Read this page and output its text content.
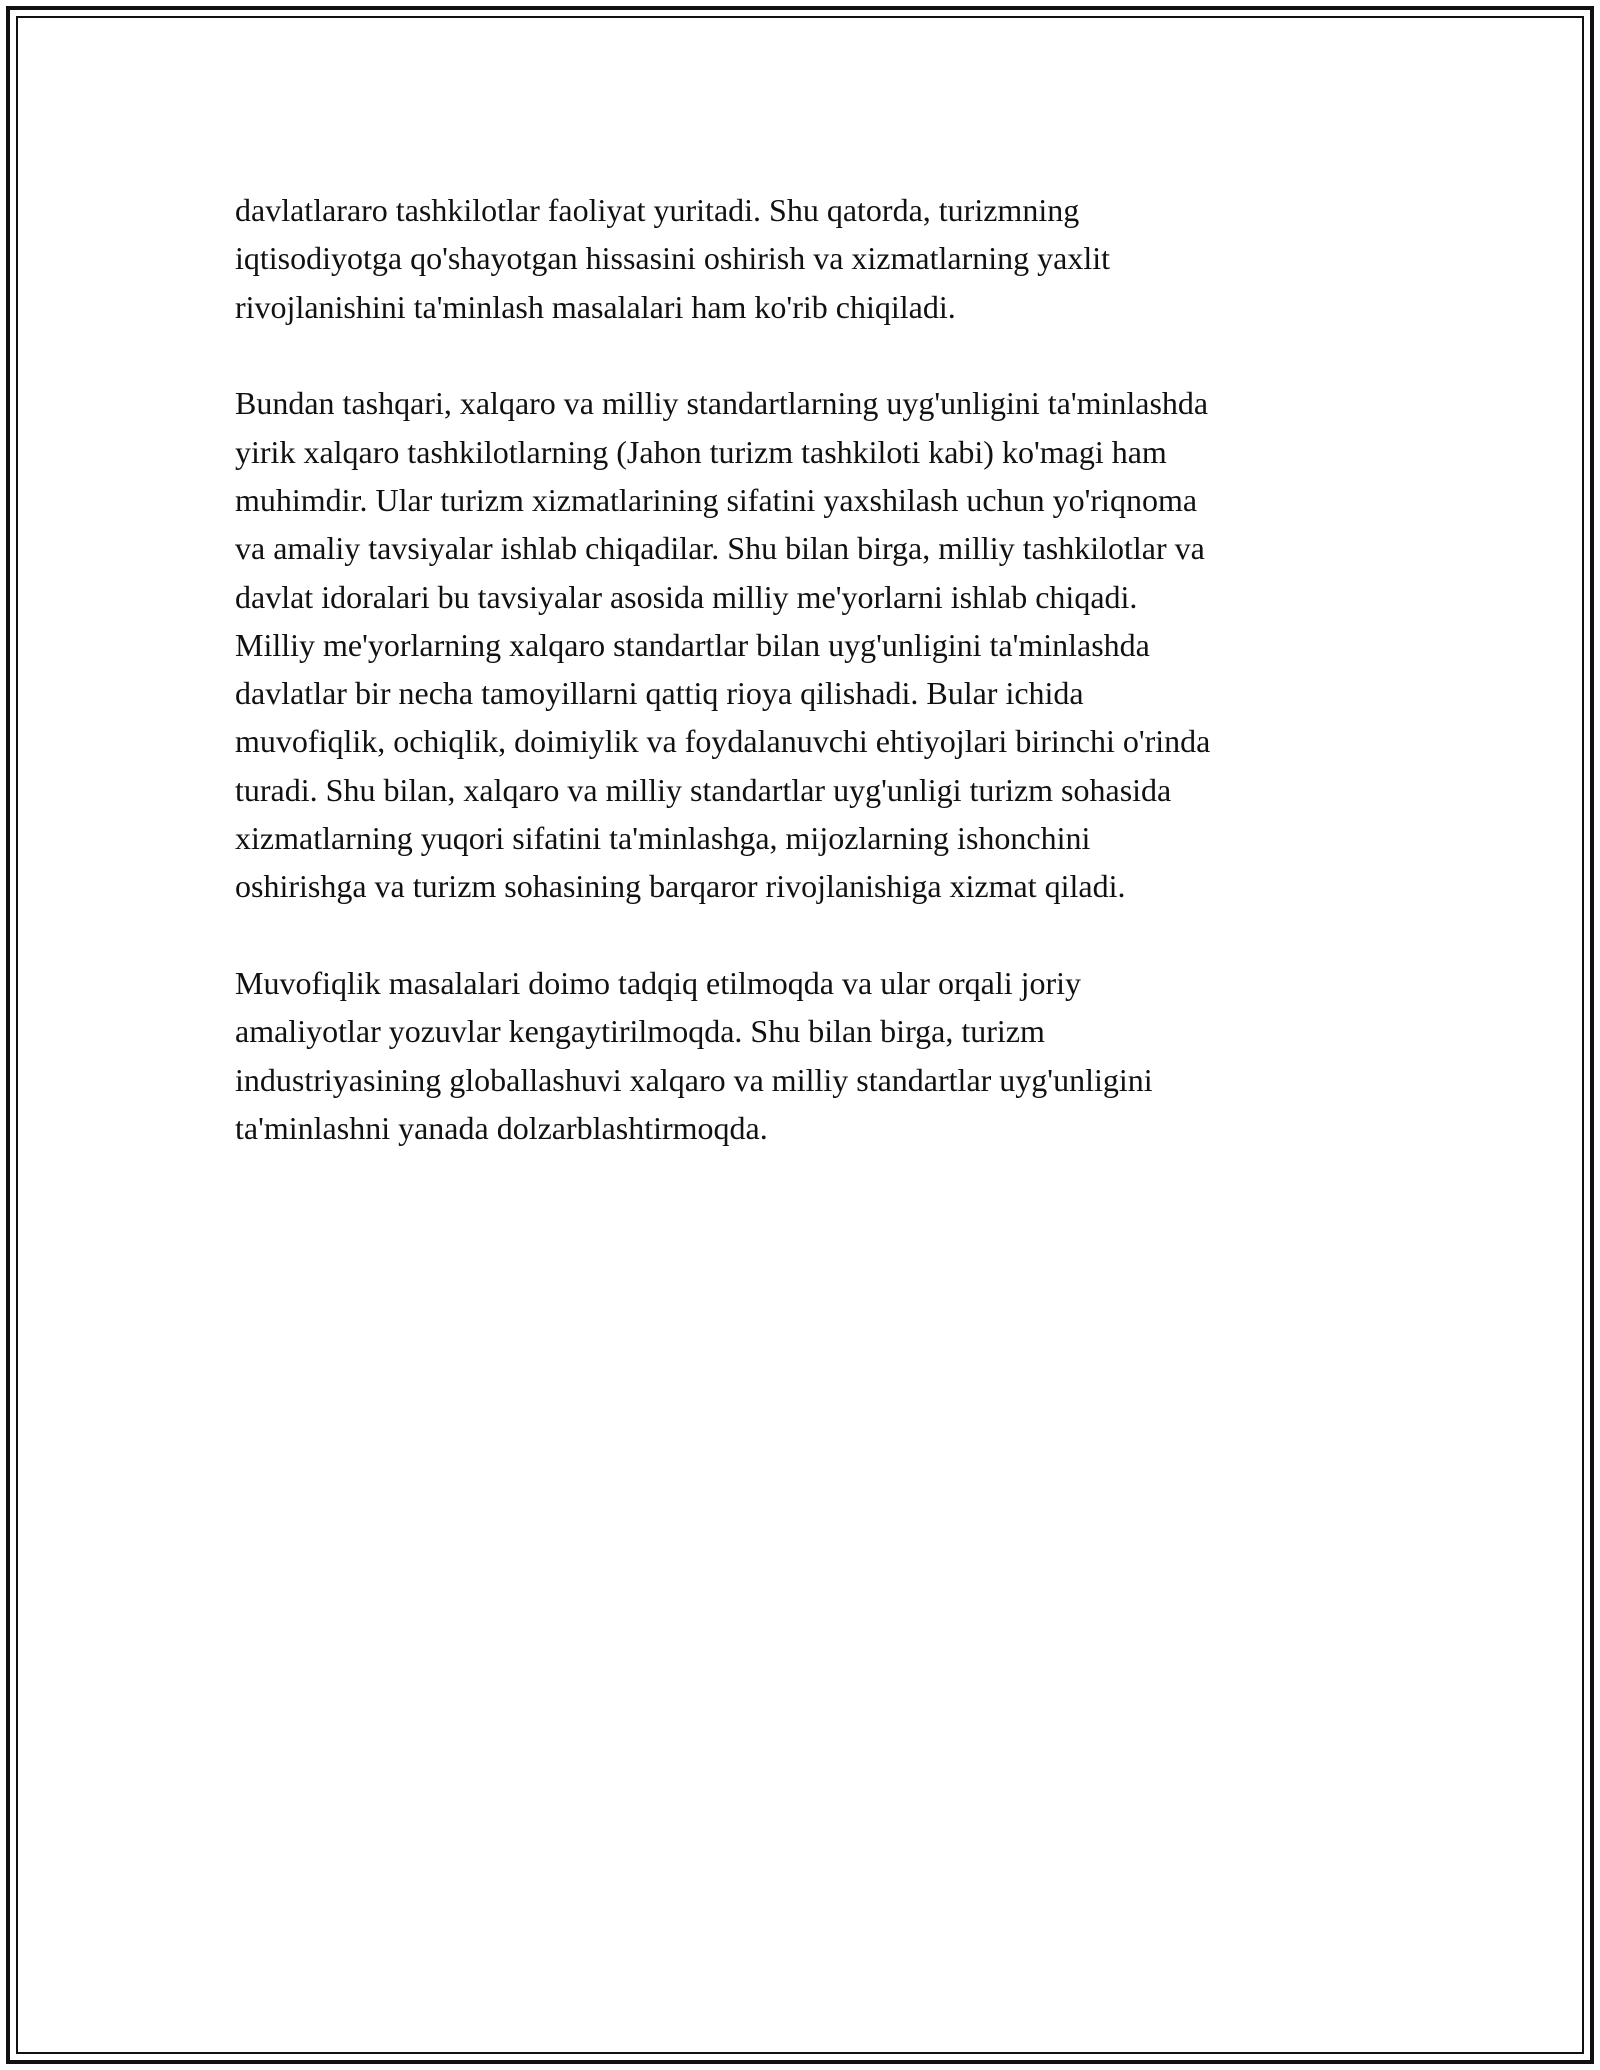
davlatlararo tashkilotlar faoliyat yuritadi. Shu qatorda, turizmning
iqtisodiyotga qo'shayotgan hissasini oshirish va xizmatlarning yaxlit
rivojlanishini ta'minlash masalalari ham ko'rib chiqiladi.

Bundan tashqari, xalqaro va milliy standartlarning uyg'unligini ta'minlashda
yirik xalqaro tashkilotlarning (Jahon turizm tashkiloti kabi) ko'magi ham
muhimdir. Ular turizm xizmatlarining sifatini yaxshilash uchun yo'riqnoma
va amaliy tavsiyalar ishlab chiqadilar. Shu bilan birga, milliy tashkilotlar va
davlat idoralari bu tavsiyalar asosida milliy me'yorlarni ishlab chiqadi.
Milliy me'yorlarning xalqaro standartlar bilan uyg'unligini ta'minlashda
davlatlar bir necha tamoyillarni qattiq rioya qilishadi. Bular ichida
muvofiqlik, ochiqlik, doimiylik va foydalanuvchi ehtiyojlari birinchi o'rinda
turadi. Shu bilan, xalqaro va milliy standartlar uyg'unligi turizm sohasida
xizmatlarning yuqori sifatini ta'minlashga, mijozlarning ishonchini
oshirishga va turizm sohasining barqaror rivojlanishiga xizmat qiladi.

Muvofiqlik masalalari doimo tadqiq etilmoqda va ular orqali joriy
amaliyotlar yozuvlar kengaytirilmoqda. Shu bilan birga, turizm
industriyasining globallashuvi xalqaro va milliy standartlar uyg'unligini
ta'minlashni yanada dolzarblashtirmoqda.
